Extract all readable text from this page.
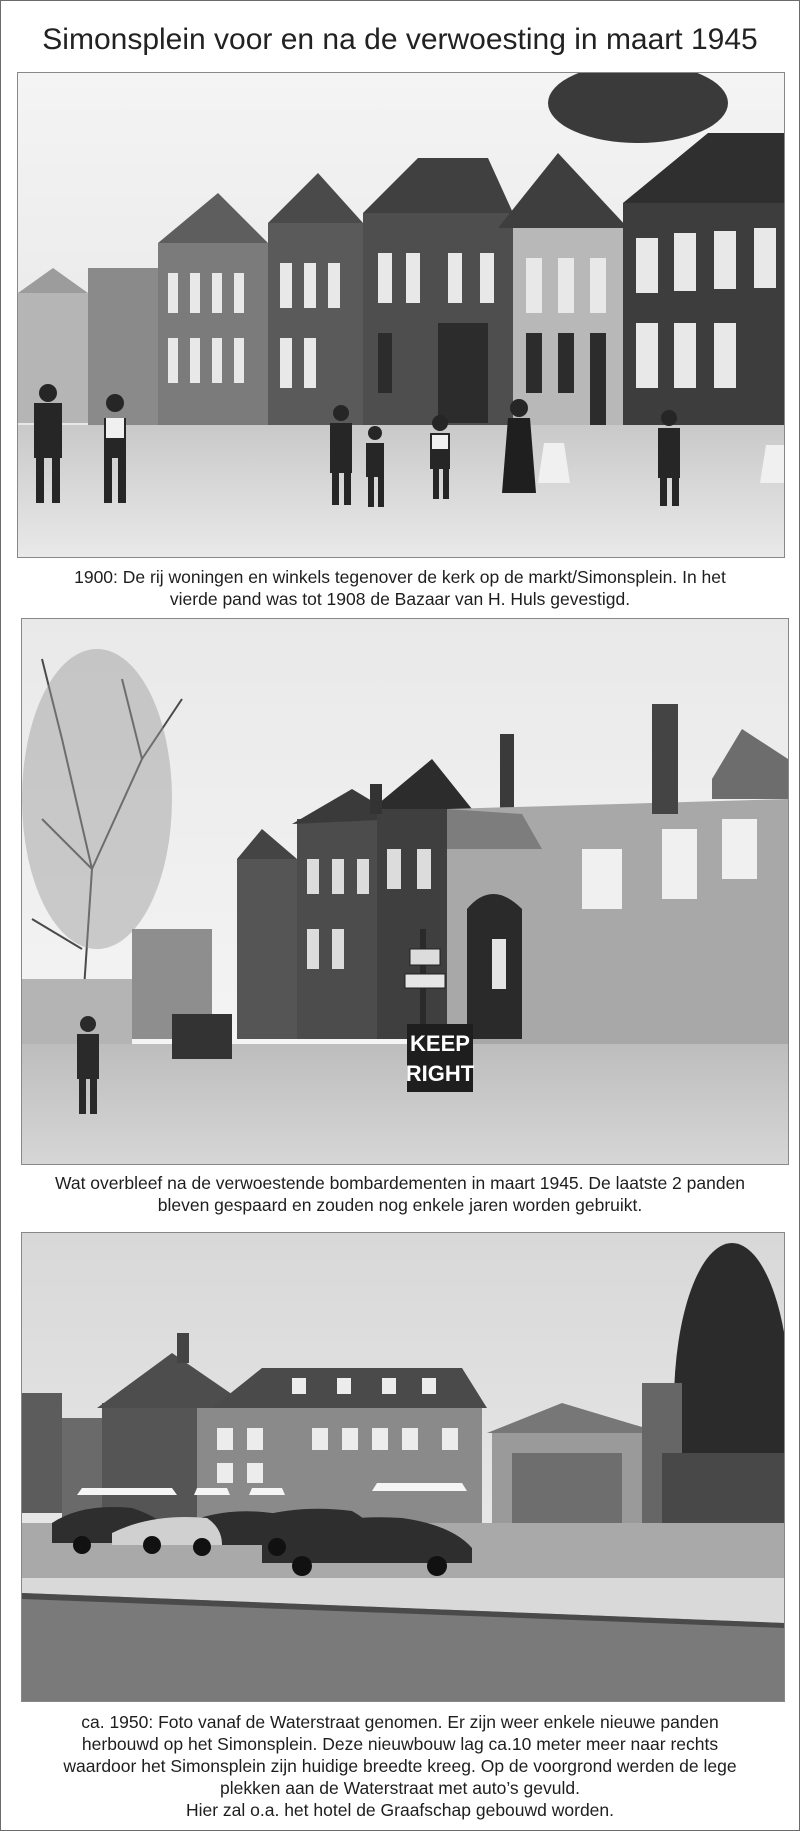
Simonsplein voor en na de verwoesting in maart 1945
1900: De rij woningen en winkels tegenover de kerk op de markt/Simonsplein. In het
vierde pand was tot 1908 de Bazaar van H. Huls gevestigd.
KEEP
RIGHT
Wat overbleef na de verwoestende bombardementen in maart 1945. De laatste 2 panden
bleven gespaard en zouden nog enkele jaren worden gebruikt.
ca. 1950: Foto vanaf de Waterstraat genomen. Er zijn weer enkele nieuwe panden
herbouwd op het Simonsplein. Deze nieuwbouw lag ca.10 meter meer naar rechts
waardoor het Simonsplein zijn huidige breedte kreeg. Op de voorgrond werden de lege
plekken aan de Waterstraat met auto’s gevuld.
Hier zal o.a. het hotel de Graafschap gebouwd worden.
